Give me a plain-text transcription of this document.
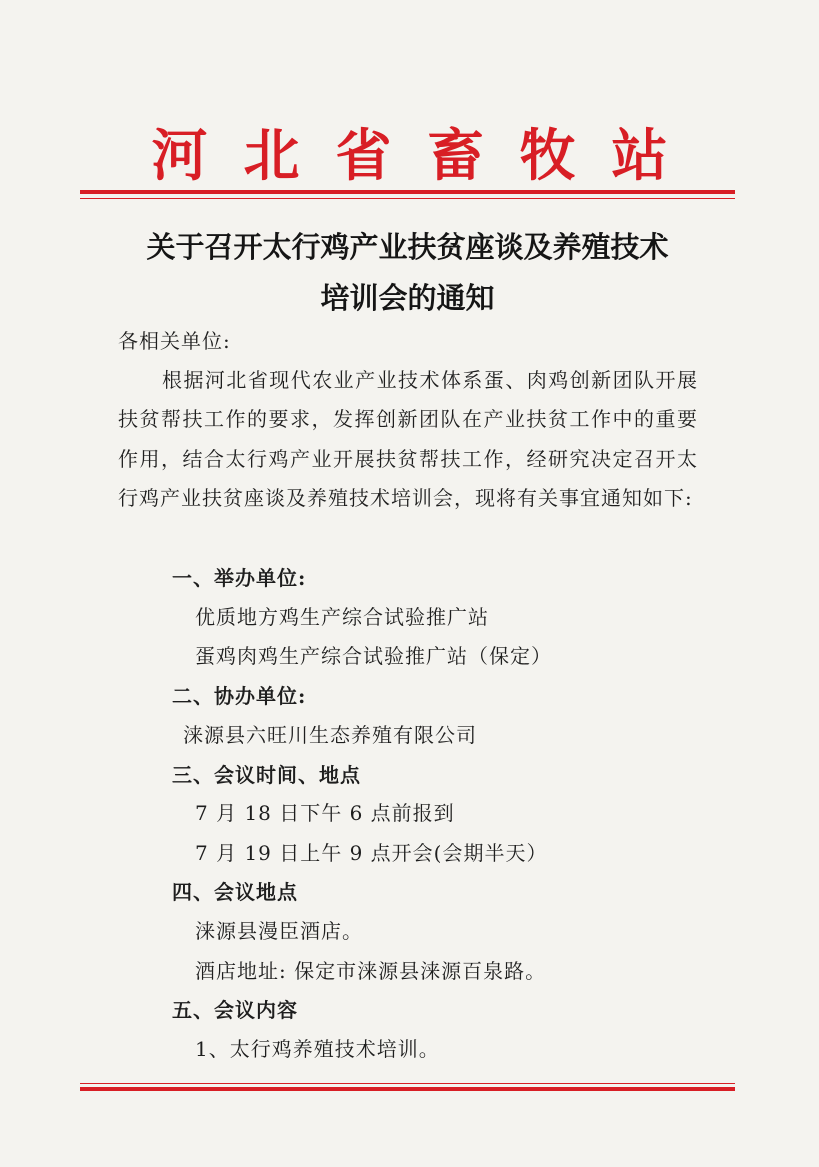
河北省畜牧站
关于召开太行鸡产业扶贫座谈及养殖技术
培训会的通知
各相关单位:
根据河北省现代农业产业技术体系蛋、肉鸡创新团队开展扶贫帮扶工作的要求，发挥创新团队在产业扶贫工作中的重要作用，结合太行鸡产业开展扶贫帮扶工作，经研究决定召开太行鸡产业扶贫座谈及养殖技术培训会，现将有关事宜通知如下:
一、举办单位:
优质地方鸡生产综合试验推广站
蛋鸡肉鸡生产综合试验推广站（保定）
二、协办单位:
涞源县六旺川生态养殖有限公司
三、会议时间、地点
7 月 18 日下午 6 点前报到
7 月 19 日上午 9 点开会(会期半天）
四、会议地点
涞源县漫臣酒店。
酒店地址: 保定市涞源县涞源百泉路。
五、会议内容
1、太行鸡养殖技术培训。
